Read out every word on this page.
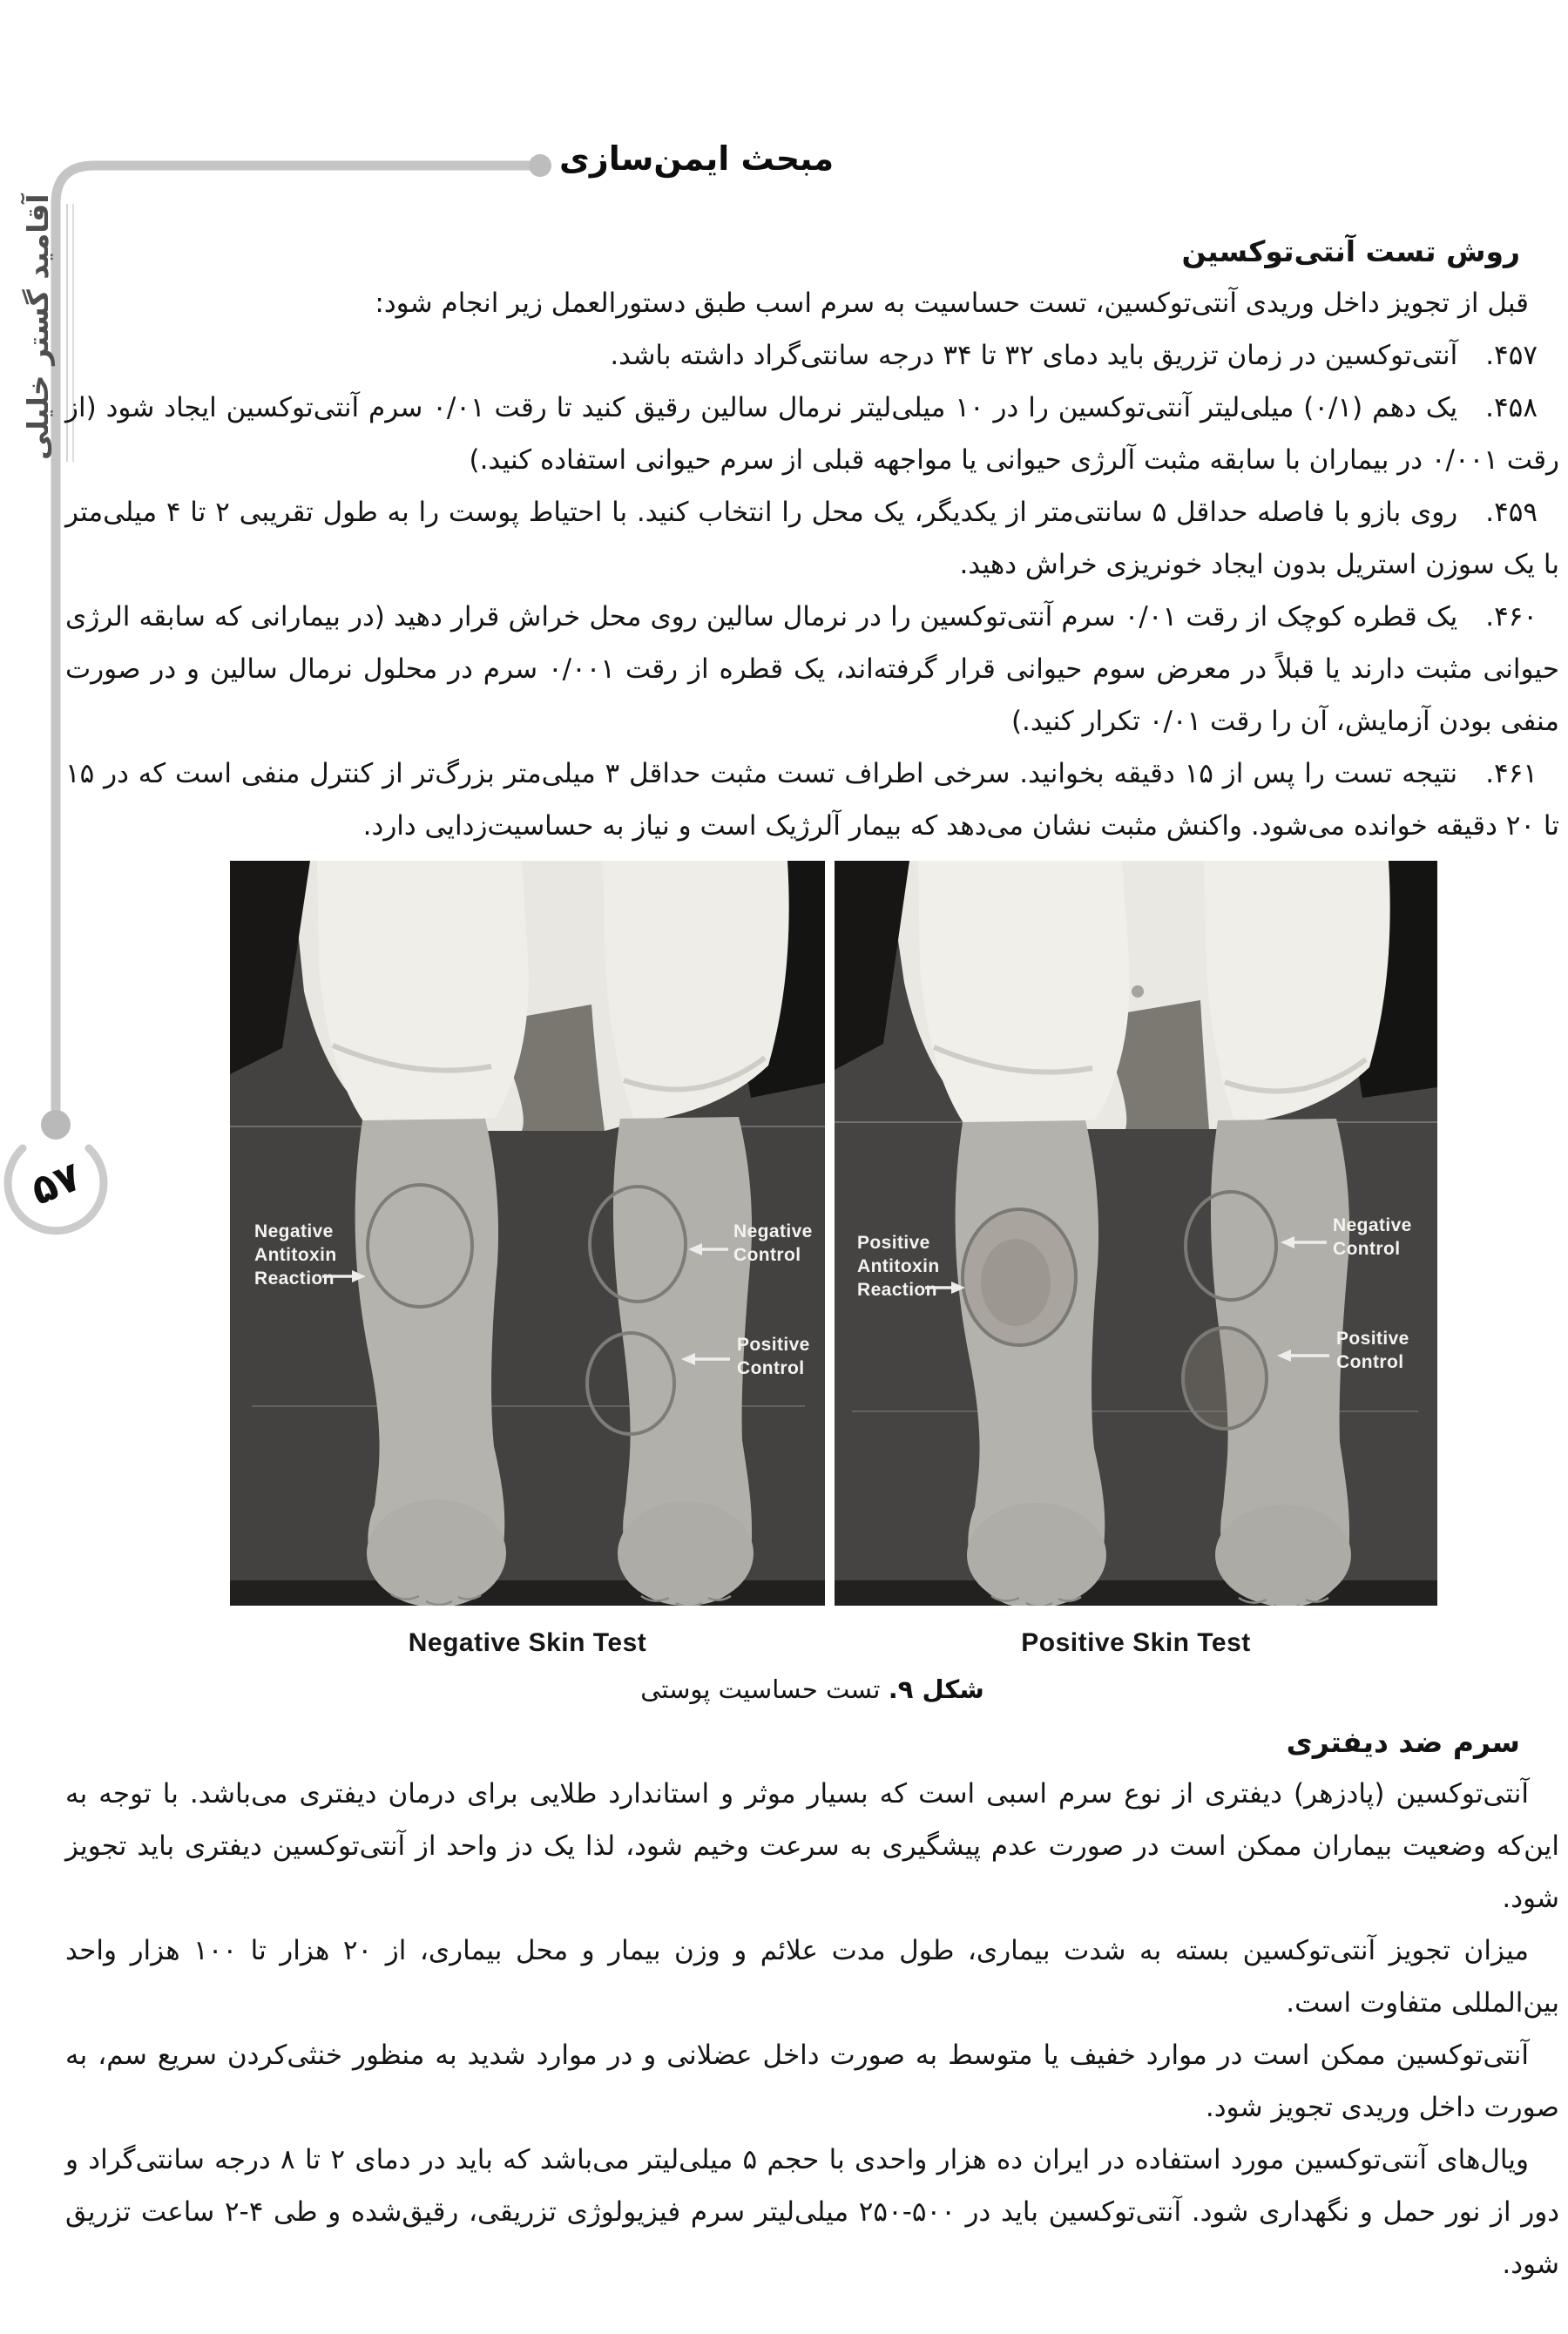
۵۷
آقامید گستر خلیلی
مبحث ایمن‌سازی
روش تست آنتی‌توکسین

قبل از تجویز داخل وریدی آنتی‌توکسین، تست حساسیت به سرم اسب طبق دستورالعمل زیر انجام شود:

۴۵۷.آنتی‌توکسین در زمان تزریق باید دمای ۳۲ تا ۳۴ درجه سانتی‌گراد داشته باشد.

۴۵۸.یک دهم (۰/۱) میلی‌لیتر آنتی‌توکسین را در ۱۰ میلی‌لیتر نرمال سالین رقیق کنید تا رقت ۰/۰۱ سرم آنتی‌توکسین ایجاد شود (از رقت ۰/۰۰۱ در بیماران با سابقه مثبت آلرژی حیوانی یا مواجهه قبلی از سرم حیوانی استفاده کنید.)

۴۵۹.روی بازو با فاصله حداقل ۵ سانتی‌متر از یکدیگر، یک محل را انتخاب کنید. با احتیاط پوست را به طول تقریبی ۲ تا ۴ میلی‌متر با یک سوزن استریل بدون ایجاد خونریزی خراش دهید.

۴۶۰.یک قطره کوچک از رقت ۰/۰۱ سرم آنتی‌توکسین را در نرمال سالین روی محل خراش قرار دهید (در بیمارانی که سابقه الرژی حیوانی مثبت دارند یا قبلاً در معرض سوم حیوانی قرار گرفته‌اند، یک قطره از رقت ۰/۰۰۱ سرم در محلول نرمال سالین و در صورت منفی بودن آزمایش، آن را رقت ۰/۰۱ تکرار کنید.)

۴۶۱.نتیجه تست را پس از ۱۵ دقیقه بخوانید. سرخی اطراف تست مثبت حداقل ۳ میلی‌متر بزرگ‌تر از کنترل منفی است که در ۱۵ تا ۲۰ دقیقه خوانده می‌شود. واکنش مثبت نشان می‌دهد که بیمار آلرژیک است و نیاز به حساسیت‌زدایی دارد.

Negative
Antitoxin
Reaction
Negative
Control
Positive
Control
Positive
Antitoxin
Reaction
Negative
Control
Positive
Control
Negative Skin Test	Positive Skin Test
شکل ۹. تست حساسیت پوستی
سرم ضد دیفتری

آنتی‌توکسین (پادزهر) دیفتری از نوع سرم اسبی است که بسیار موثر و استاندارد طلایی برای درمان دیفتری می‌باشد. با توجه به این‌که وضعیت بیماران ممکن است در صورت عدم پیشگیری به سرعت وخیم شود، لذا یک دز واحد از آنتی‌توکسین دیفتری باید تجویز شود.

میزان تجویز آنتی‌توکسین بسته به شدت بیماری، طول مدت علائم و وزن بیمار و محل بیماری، از ۲۰ هزار تا ۱۰۰ هزار واحد بین‌المللی متفاوت است.

آنتی‌توکسین ممکن است در موارد خفیف یا متوسط به صورت داخل عضلانی و در موارد شدید به منظور خنثی‌کردن سریع سم، به صورت داخل وریدی تجویز شود.

ویال‌های آنتی‌توکسین مورد استفاده در ایران ده هزار واحدی با حجم ۵ میلی‌لیتر می‌باشد که باید در دمای ۲ تا ۸ درجه سانتی‌گراد و دور از نور حمل و نگهداری شود. آنتی‌توکسین باید در ۵۰۰-۲۵۰ میلی‌لیتر سرم فیزیولوژی تزریقی، رقیق‌شده و طی ۴-۲ ساعت تزریق شود.
